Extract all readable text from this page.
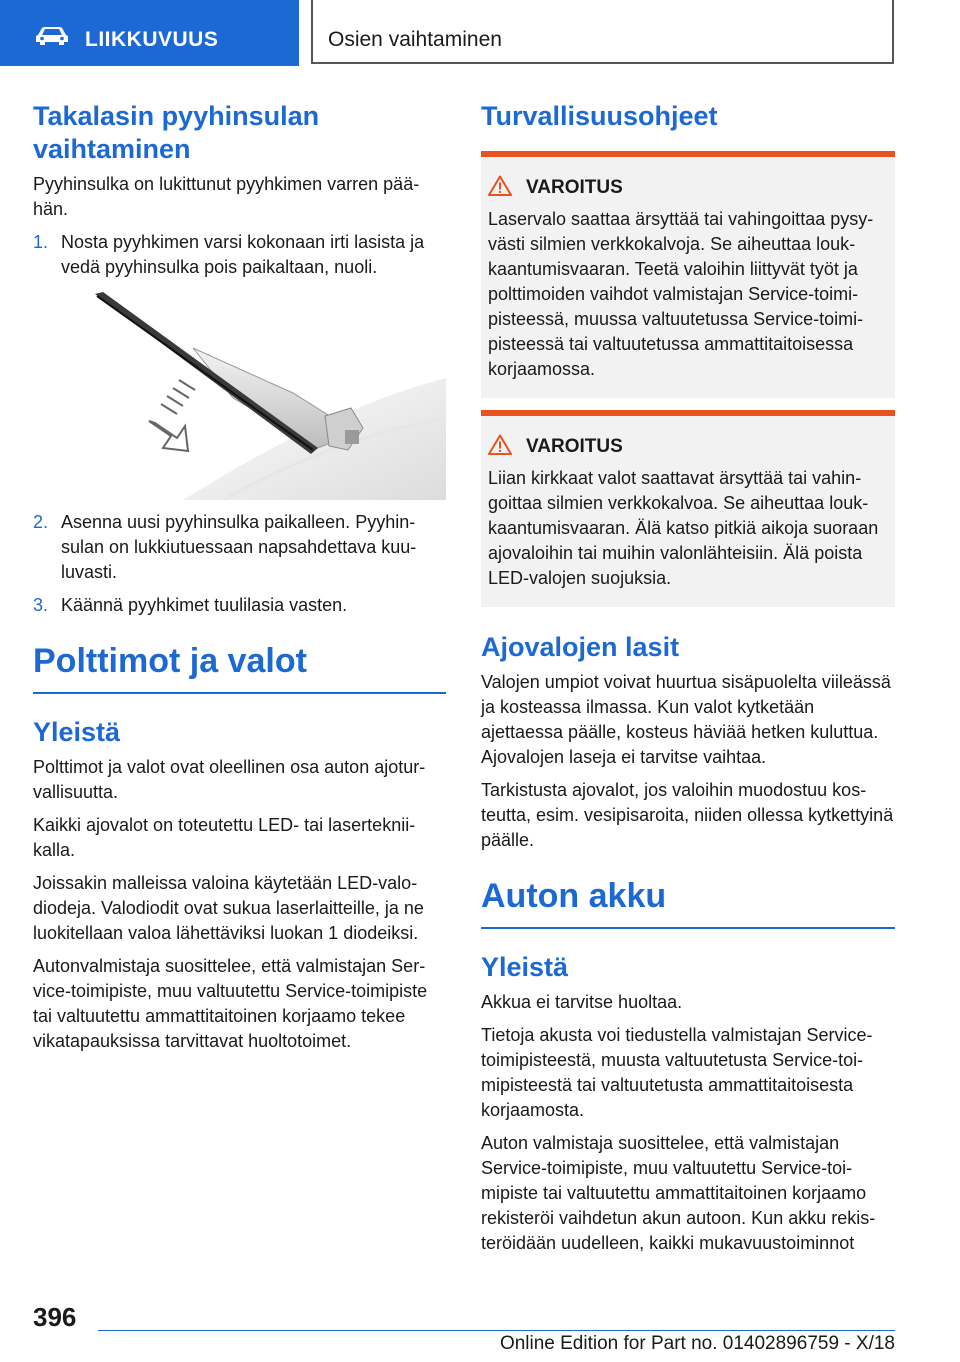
LIIKKUVUUS	Osien vaihtaminen
Takalasin pyyhinsulan vaihtaminen

Pyyhinsulka on lukittunut pyyhkimen varren päähän.

1. Nosta pyyhkimen varsi kokonaan irti lasista ja vedä pyyhinsulka pois paikaltaan, nuoli.
2. Asenna uusi pyyhinsulka paikalleen. Pyyhinsulan on lukkiutuessaan napsahdettava kuuluvasti.
3. Käännä pyyhkimet tuulilasia vasten.
Polttimot ja valot
Yleistä

Polttimot ja valot ovat oleellinen osa auton ajoturvallisuutta.

Kaikki ajovalot on toteutettu LED- tai lasertekniikalla.

Joissakin malleissa valoina käytetään LED-valodiodeja. Valodiodit ovat sukua laserlaitteille, ja ne luokitellaan valoa lähettäviksi luokan 1 diodeiksi.

Autonvalmistaja suosittelee, että valmistajan Service-toimipiste, muu valtuutettu Service-toimipiste tai valtuutettu ammattitaitoinen korjaamo tekee vikatapauksissa tarvittavat huoltotoimet.

Turvallisuusohjeet
VAROITUS

Laservalo saattaa ärsyttää tai vahingoittaa pysyvästi silmien verkkokalvoja. Se aiheuttaa loukkaantumisvaaran. Teetä valoihin liittyvät työt ja polttimoiden vaihdot valmistajan Service-toimipisteessä, muussa valtuutetussa Service-toimipisteessä tai valtuutetussa ammattitaitoisessa korjaamossa.

VAROITUS

Liian kirkkaat valot saattavat ärsyttää tai vahingoittaa silmien verkkokalvoa. Se aiheuttaa loukkaantumisvaaran. Älä katso pitkiä aikoja suoraan ajovaloihin tai muihin valonlähteisiin. Älä poista LED-valojen suojuksia.

Ajovalojen lasit

Valojen umpiot voivat huurtua sisäpuolelta viileässä ja kosteassa ilmassa. Kun valot kytketään ajettaessa päälle, kosteus häviää hetken kuluttua. Ajovalojen laseja ei tarvitse vaihtaa.

Tarkistusta ajovalot, jos valoihin muodostuu kosteutta, esim. vesipisaroita, niiden ollessa kytkettyinä päälle.

Auton akku
Yleistä

Akkua ei tarvitse huoltaa.

Tietoja akusta voi tiedustella valmistajan Service-toimipisteestä, muusta valtuutetusta Service-toimipisteestä tai valtuutetusta ammattitaitoisesta korjaamosta.

Auton valmistaja suosittelee, että valmistajan Service-toimipiste, muu valtuutettu Service-toimipiste tai valtuutettu ammattitaitoinen korjaamo rekisteröi vaihdetun akun autoon. Kun akku rekisteröidään uudelleen, kaikki mukavuustoiminnot

396
Online Edition for Part no. 01402896759 - X/18
